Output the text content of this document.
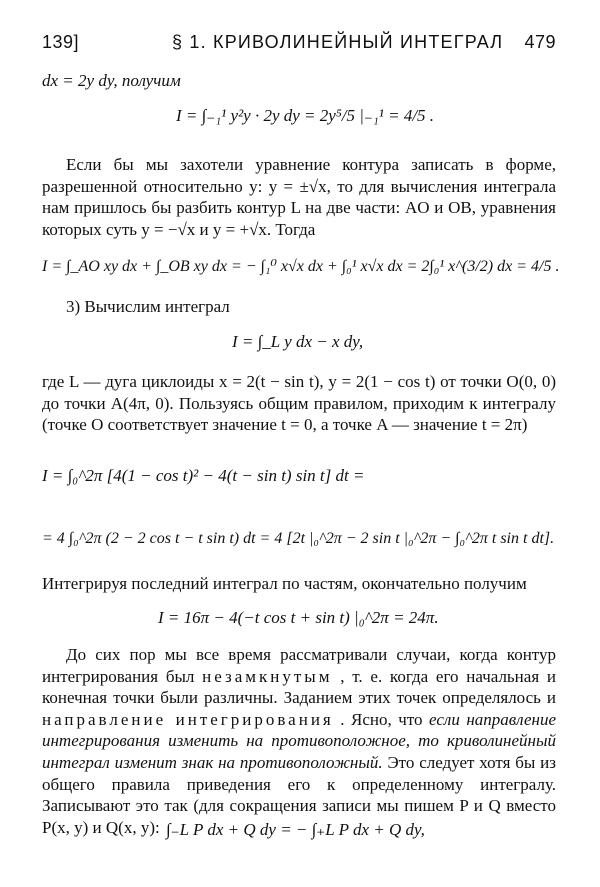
139]	§ 1. КРИВОЛИНЕЙНЫЙ ИНТЕГРАЛ 479
dx = 2y dy, получим
I = ∫₋₁¹ y²y · 2y dy = 2y⁵/5 |₋₁¹ = 4/5 .
Если бы мы захотели уравнение контура записать в форме, разрешенной относительно y: y = ±√x, то для вычисления интеграла нам пришлось бы разбить контур L на две части: AO и OB, уравнения которых суть y = −√x и y = +√x. Тогда
I = ∫_AO xy dx + ∫_OB xy dx = − ∫₁⁰ x√x dx + ∫₀¹ x√x dx = 2∫₀¹ x^(3/2) dx = 4/5 .
3) Вычислим интеграл
I = ∫_L y dx − x dy,
где L — дуга циклоиды x = 2(t − sin t), y = 2(1 − cos t) от точки O(0, 0) до точки A(4π, 0). Пользуясь общим правилом, приходим к интегралу (точке O соответствует значение t = 0, а точке A — значение t = 2π)
I = ∫₀^2π [4(1 − cos t)² − 4(t − sin t) sin t] dt =
= 4 ∫₀^2π (2 − 2 cos t − t sin t) dt = 4 [2t |₀^2π − 2 sin t |₀^2π − ∫₀^2π t sin t dt].
Интегрируя последний интеграл по частям, окончательно получим
I = 16π − 4(−t cos t + sin t) |₀^2π = 24π.
До сих пор мы все время рассматривали случаи, когда контур интегрирования был незамкнутым , т. е. когда его начальная и конечная точки были различны. Заданием этих точек определялось и направление интегрирования . Ясно, что если направление интегрирования изменить на противоположное, то криволинейный интеграл изменит знак на противоположный. Это следует хотя бы из общего правила приведения его к определенному интегралу. Записывают это так (для сокращения записи мы пишем P и Q вместо P(x, y) и Q(x, y): ∫₋L P dx + Q dy = − ∫₊L P dx + Q dy,
